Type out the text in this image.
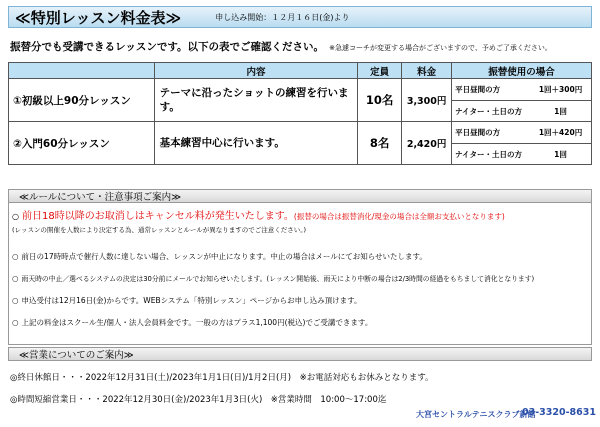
≪特別レッスン料金表≫	申し込み開始：１２月１６日(金)より
振替分でも受講できるレッスンです。以下の表でご確認ください。 ※急遽コーチが変更する場合がございますので、予めご了承ください。
	内容	定員	料金	振替使用の場合
①初級以上90分レッスン	テーマに沿ったショットの練習を行います。	10名	3,300円	平日昼間の方 1回＋300円
ナイター・土日の方 1回

②入門60分レッスン	基本練習中心に行います。	8名	2,420円	平日昼間の方 1回＋420円
ナイター・土日の方 1回
≪ルールについて・注意事項ご案内≫
○ 前日18時以降のお取消しはキャンセル料が発生いたします。(振替の場合は振替消化/現金の場合は全額お支払いとなります)
(レッスンの開催を人数により決定する為、通常レッスンとルールが異なりますのでご注意ください。)
○ 前日の17時時点で催行人数に達しない場合、レッスンが中止になります。中止の場合はメールにてお知らせいたします。
○ 雨天時の中止／選べるシステムの決定は30分前にメールでお知らせいたします。(レッスン開始後、雨天により中断の場合は2/3時間の経過をもちまして消化となります)
○ 申込受付は12月16日(金)からです。WEBシステム「特別レッスン」ページからお申し込み頂けます。
○ 上記の料金はスクール生/個人・法人会員料金です。一般の方はプラス1,100円(税込)でご受講できます。
≪営業についてのご案内≫
◎終日休館日・・・2022年12月31日(土)/2023年1月1日(日)/1月2日(月)　※お電話対応もお休みとなります。
◎時間短縮営業日・・・2022年12月30日(金)/2023年1月3日(火)　※営業時間　10:00～17:00迄
大宮セントラルテニスクラブ新館
03-3320-8631
